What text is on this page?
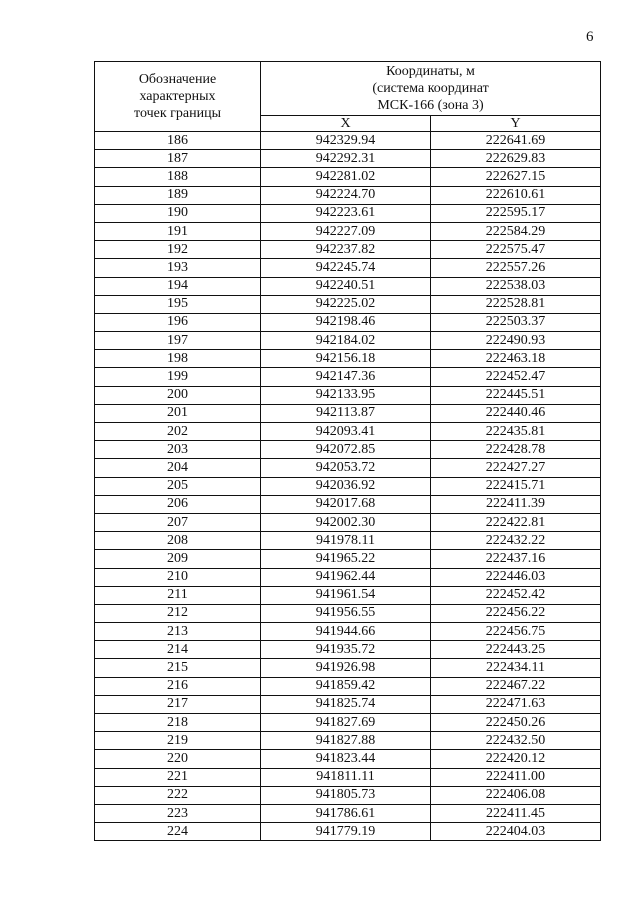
6
Обозначение
характерных
точек границы	Координаты, м
(система координат
МСК-166 (зона 3)	

	X	Y
186	942329.94	222641.69
187	942292.31	222629.83
188	942281.02	222627.15
189	942224.70	222610.61
190	942223.61	222595.17
191	942227.09	222584.29
192	942237.82	222575.47
193	942245.74	222557.26
194	942240.51	222538.03
195	942225.02	222528.81
196	942198.46	222503.37
197	942184.02	222490.93
198	942156.18	222463.18
199	942147.36	222452.47
200	942133.95	222445.51
201	942113.87	222440.46
202	942093.41	222435.81
203	942072.85	222428.78
204	942053.72	222427.27
205	942036.92	222415.71
206	942017.68	222411.39
207	942002.30	222422.81
208	941978.11	222432.22
209	941965.22	222437.16
210	941962.44	222446.03
211	941961.54	222452.42
212	941956.55	222456.22
213	941944.66	222456.75
214	941935.72	222443.25
215	941926.98	222434.11
216	941859.42	222467.22
217	941825.74	222471.63
218	941827.69	222450.26
219	941827.88	222432.50
220	941823.44	222420.12
221	941811.11	222411.00
222	941805.73	222406.08
223	941786.61	222411.45
224	941779.19	222404.03
